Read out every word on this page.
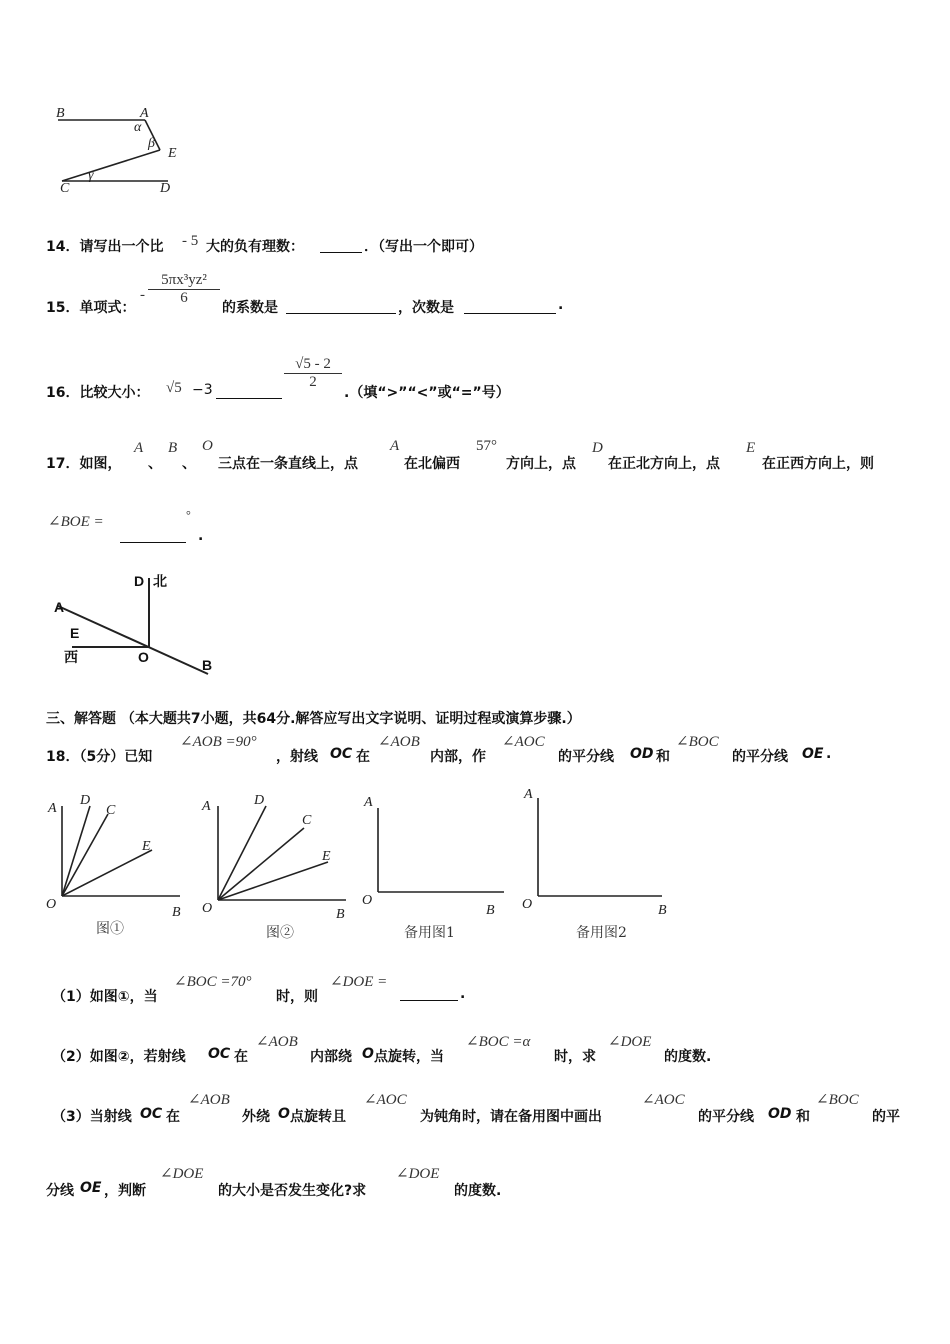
B	A
α
β
E
C
γ
D
14．请写出一个比 - 5 大的负有理数：	．（写出一个即可）
15．单项式：
- $\frac{\text{5πx³yz²}}{6}$
的系数是	，次数是	.
16．比较大小： √5 −3	$\frac{√5 - 2}{2}$
.（填“>”“<”或“=”号）
17．如图，
A
、
B
、
O
三点在一条直线上，点
A
在北偏西
57°
方向上，点
D
在正北方向上，点
E
在正西方向上，则
∠BOE =	°
.
D 北
A
E
西	O	B
三、解答题 （本大题共7小题，共64分.解答应写出文字说明、证明过程或演算步骤.）
18．（5分）已知
∠AOB =90°
，射线 OC 在
∠AOB
内部，作
∠AOC
的平分线 OD 和
∠BOC
的平分线 OE .
A
D
C
E
O
B
图①
A	D
C
E
O	B
图②
A
O
B
备用图1
A
O	B
备用图2
（1）如图①，当
∠BOC =70°
时，则
∠DOE =
.
（2）如图②，若射线 OC 在
∠AOB
内部绕 O 点旋转，当
∠BOC =α
时，求
∠DOE
的度数.
（3）当射线 OC 在
∠AOB
外绕 O 点旋转且
∠AOC
为钝角时，请在备用图中画出
∠AOC
的平分线 OD 和
∠BOC
的平
分线 OE ，判断
∠DOE
的大小是否发生变化?求
∠DOE
的度数.
